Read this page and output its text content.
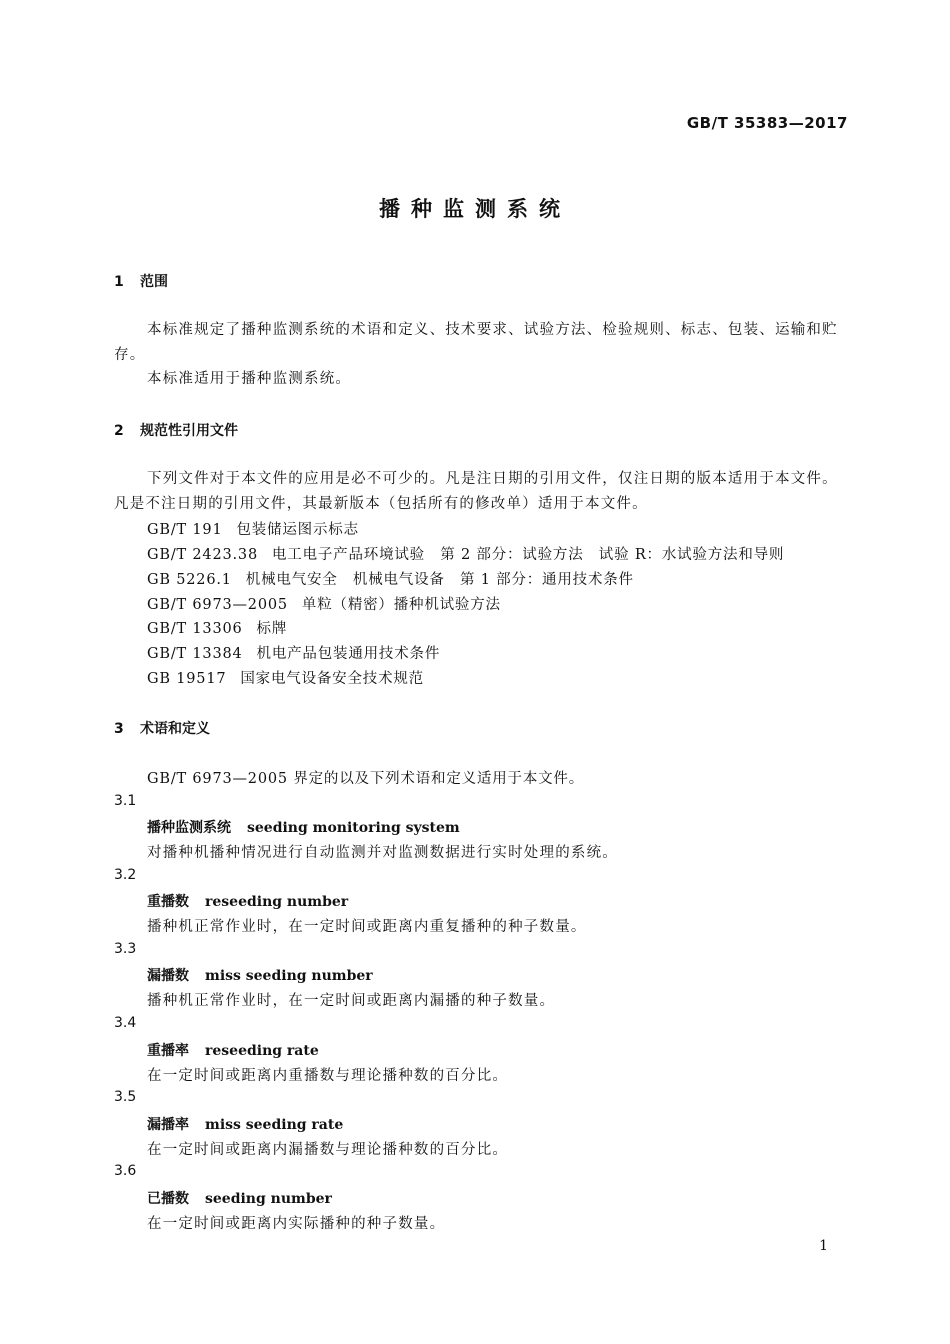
GB/T 35383—2017
播种监测系统
1 范围
本标准规定了播种监测系统的术语和定义、技术要求、试验方法、检验规则、标志、包装、运输和贮存。
本标准适用于播种监测系统。
2 规范性引用文件
下列文件对于本文件的应用是必不可少的。凡是注日期的引用文件，仅注日期的版本适用于本文件。凡是不注日期的引用文件，其最新版本（包括所有的修改单）适用于本文件。
GB/T 191 包装储运图示标志
GB/T 2423.38 电工电子产品环境试验　第 2 部分：试验方法　试验 R：水试验方法和导则
GB 5226.1 机械电气安全　机械电气设备　第 1 部分：通用技术条件
GB/T 6973—2005 单粒（精密）播种机试验方法
GB/T 13306 标牌
GB/T 13384 机电产品包装通用技术条件
GB 19517 国家电气设备安全技术规范
3 术语和定义
GB/T 6973—2005 界定的以及下列术语和定义适用于本文件。
3.1
播种监测系统 seeding monitoring system
对播种机播种情况进行自动监测并对监测数据进行实时处理的系统。
3.2
重播数 reseeding number
播种机正常作业时，在一定时间或距离内重复播种的种子数量。
3.3
漏播数 miss seeding number
播种机正常作业时，在一定时间或距离内漏播的种子数量。
3.4
重播率 reseeding rate
在一定时间或距离内重播数与理论播种数的百分比。
3.5
漏播率 miss seeding rate
在一定时间或距离内漏播数与理论播种数的百分比。
3.6
已播数 seeding number
在一定时间或距离内实际播种的种子数量。
1
